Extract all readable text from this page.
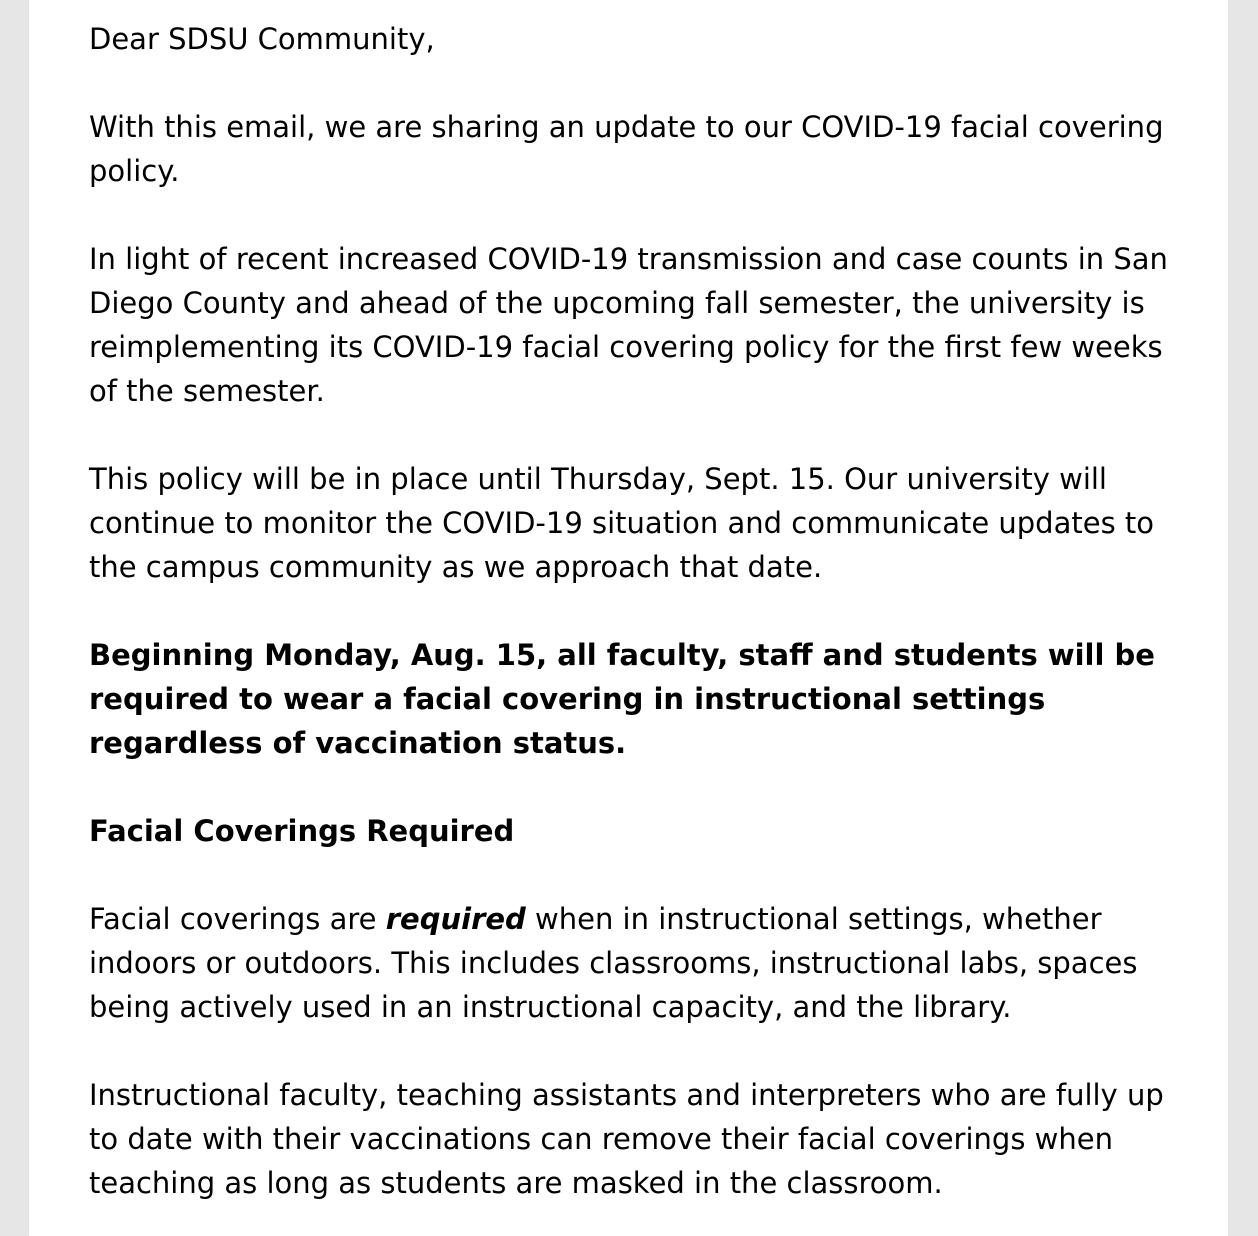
Dear SDSU Community,

With this email, we are sharing an update to our COVID-19 facial covering policy.

In light of recent increased COVID-19 transmission and case counts in San Diego County and ahead of the upcoming fall semester, the university is reimplementing its COVID-19 facial covering policy for the first few weeks of the semester.

This policy will be in place until Thursday, Sept. 15. Our university will continue to monitor the COVID-19 situation and communicate updates to the campus community as we approach that date.

Beginning Monday, Aug. 15, all faculty, staff and students will be required to wear a facial covering in instructional settings regardless of vaccination status.

Facial Coverings Required

Facial coverings are required when in instructional settings, whether indoors or outdoors. This includes classrooms, instructional labs, spaces being actively used in an instructional capacity, and the library.

Instructional faculty, teaching assistants and interpreters who are fully up to date with their vaccinations can remove their facial coverings when teaching as long as students are masked in the classroom.
